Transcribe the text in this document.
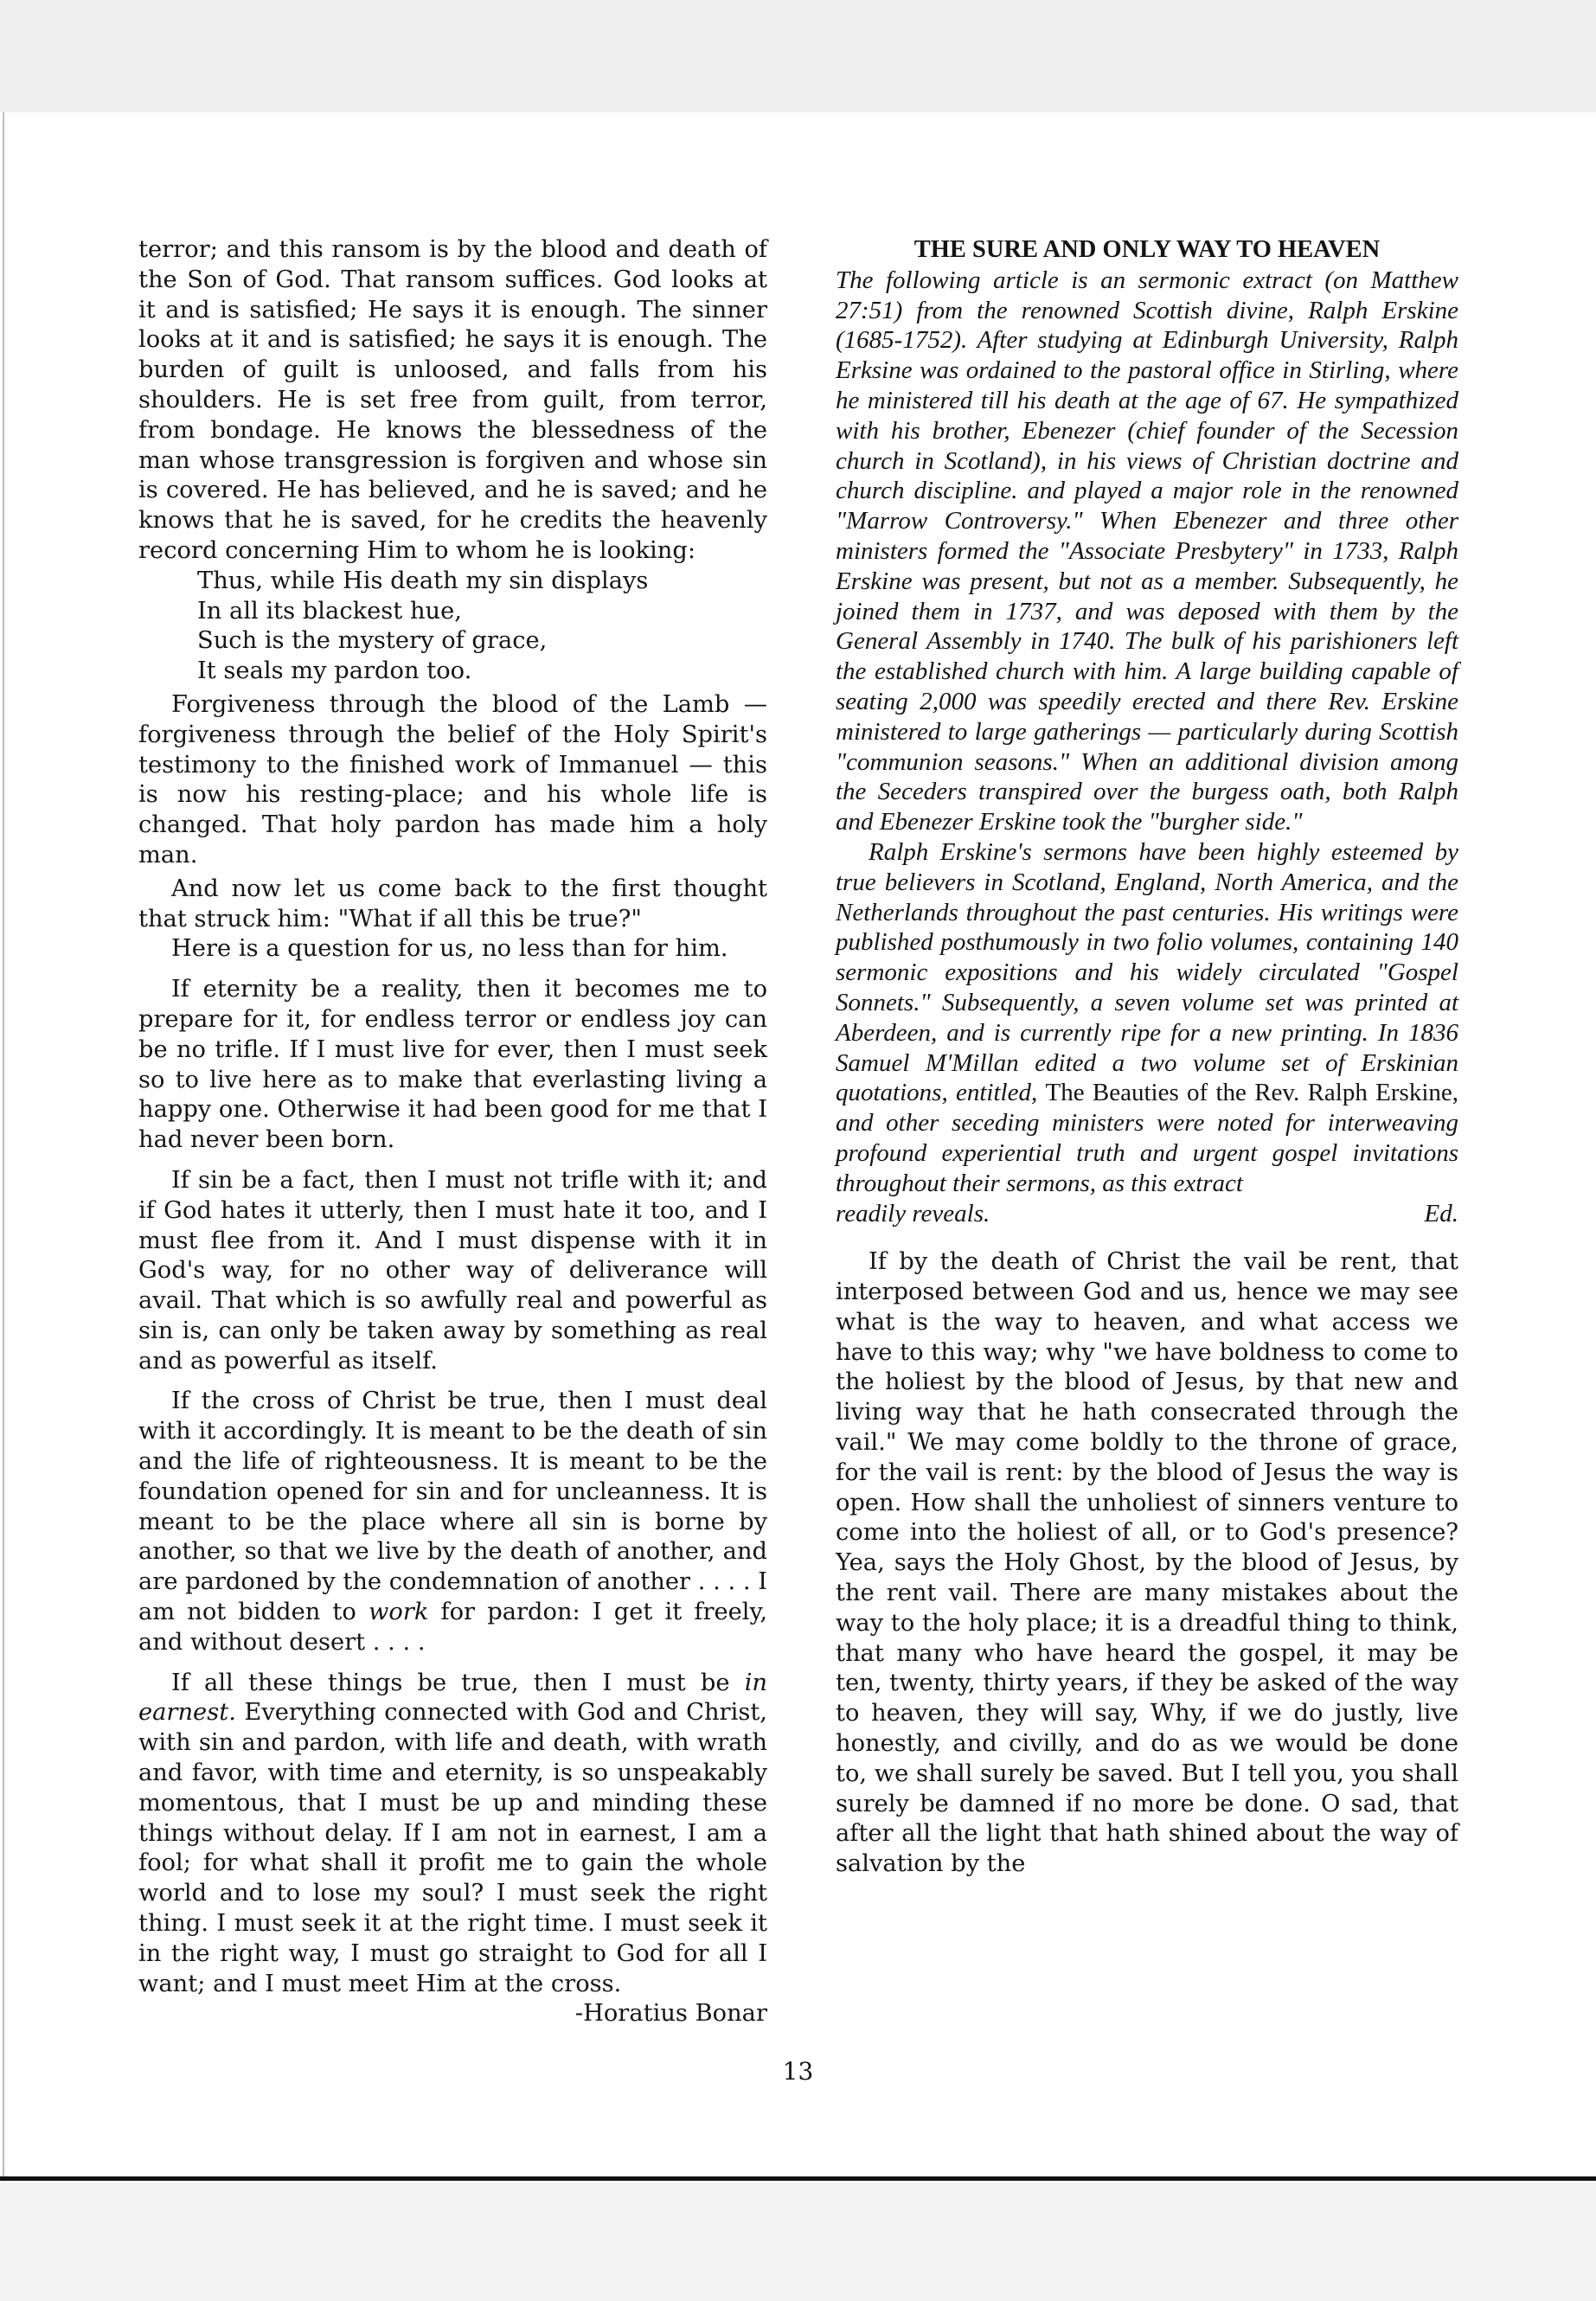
terror; and this ransom is by the blood and death of the Son of God. That ransom suffices. God looks at it and is satisfied; He says it is enough. The sinner looks at it and is satisfied; he says it is enough. The burden of guilt is unloosed, and falls from his shoulders. He is set free from guilt, from terror, from bondage. He knows the blessedness of the man whose transgression is forgiven and whose sin is covered. He has believed, and he is saved; and he knows that he is saved, for he credits the heavenly record concerning Him to whom he is looking:

Thus, while His death my sin displays
In all its blackest hue,
Such is the mystery of grace,
It seals my pardon too.

Forgiveness through the blood of the Lamb — forgiveness through the belief of the Holy Spirit's testimony to the finished work of Immanuel — this is now his resting-place; and his whole life is changed. That holy pardon has made him a holy man.

And now let us come back to the first thought that struck him: "What if all this be true?"

Here is a question for us, no less than for him.

If eternity be a reality, then it becomes me to prepare for it, for endless terror or endless joy can be no trifle. If I must live for ever, then I must seek so to live here as to make that everlasting living a happy one. Otherwise it had been good for me that I had never been born.

If sin be a fact, then I must not trifle with it; and if God hates it utterly, then I must hate it too, and I must flee from it. And I must dispense with it in God's way, for no other way of deliverance will avail. That which is so awfully real and powerful as sin is, can only be taken away by something as real and as powerful as itself.

If the cross of Christ be true, then I must deal with it accordingly. It is meant to be the death of sin and the life of righteousness. It is meant to be the foundation opened for sin and for uncleanness. It is meant to be the place where all sin is borne by another, so that we live by the death of another, and are pardoned by the condemnation of another . . . . I am not bidden to work for pardon: I get it freely, and without desert . . . .

If all these things be true, then I must be in earnest. Everything connected with God and Christ, with sin and pardon, with life and death, with wrath and favor, with time and eternity, is so unspeakably momentous, that I must be up and minding these things without delay. If I am not in earnest, I am a fool; for what shall it profit me to gain the whole world and to lose my soul? I must seek the right thing. I must seek it at the right time. I must seek it in the right way, I must go straight to God for all I want; and I must meet Him at the cross.

-Horatius Bonar
THE SURE AND ONLY WAY TO HEAVEN

The following article is an sermonic extract (on Matthew 27:51) from the renowned Scottish divine, Ralph Erskine (1685-1752). After studying at Edinburgh University, Ralph Erksine was ordained to the pastoral office in Stirling, where he ministered till his death at the age of 67. He sympathized with his brother, Ebenezer (chief founder of the Secession church in Scotland), in his views of Christian doctrine and church discipline. and played a major role in the renowned "Marrow Controversy." When Ebenezer and three other ministers formed the "Associate Presbytery" in 1733, Ralph Erskine was present, but not as a member. Subsequently, he joined them in 1737, and was deposed with them by the General Assembly in 1740. The bulk of his parishioners left the established church with him. A large building capable of seating 2,000 was speedily erected and there Rev. Erskine ministered to large gatherings — particularly during Scottish "communion seasons." When an additional division among the Seceders transpired over the burgess oath, both Ralph and Ebenezer Erskine took the "burgher side."

Ralph Erskine's sermons have been highly esteemed by true believers in Scotland, England, North America, and the Netherlands throughout the past centuries. His writings were published posthumously in two folio volumes, containing 140 sermonic expositions and his widely circulated "Gospel Sonnets." Subsequently, a seven volume set was printed at Aberdeen, and is currently ripe for a new printing. In 1836 Samuel M'Millan edited a two volume set of Erskinian quotations, entitled, The Beauties of the Rev. Ralph Erskine, and other seceding ministers were noted for interweaving profound experiential truth and urgent gospel invitations throughout their sermons, as this extract

readily reveals.	Ed.

If by the death of Christ the vail be rent, that interposed between God and us, hence we may see what is the way to heaven, and what access we have to this way; why "we have boldness to come to the holiest by the blood of Jesus, by that new and living way that he hath consecrated through the vail." We may come boldly to the throne of grace, for the vail is rent: by the blood of Jesus the way is open. How shall the unholiest of sinners venture to come into the holiest of all, or to God's presence? Yea, says the Holy Ghost, by the blood of Jesus, by the rent vail. There are many mistakes about the way to the holy place; it is a dreadful thing to think, that many who have heard the gospel, it may be ten, twenty, thirty years, if they be asked of the way to heaven, they will say, Why, if we do justly, live honestly, and civilly, and do as we would be done to, we shall surely be saved. But I tell you, you shall surely be damned if no more be done. O sad, that after all the light that hath shined about the way of salvation by the

13
